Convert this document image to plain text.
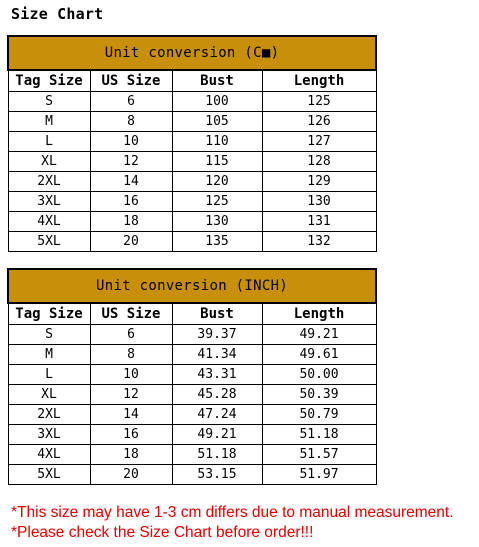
Size Chart
Unit conversion (C■)			
Tag Size	US Size	Bust	Length
S	6	100	125
M	8	105	126
L	10	110	127
XL	12	115	128
2XL	14	120	129
3XL	16	125	130
4XL	18	130	131
5XL	20	135	132
Unit conversion (INCH)			
Tag Size	US Size	Bust	Length
S	6	39.37	49.21
M	8	41.34	49.61
L	10	43.31	50.00
XL	12	45.28	50.39
2XL	14	47.24	50.79
3XL	16	49.21	51.18
4XL	18	51.18	51.57
5XL	20	53.15	51.97
*This size may have 1-3 cm differs due to manual measurement.
*Please check the Size Chart before order!!!
